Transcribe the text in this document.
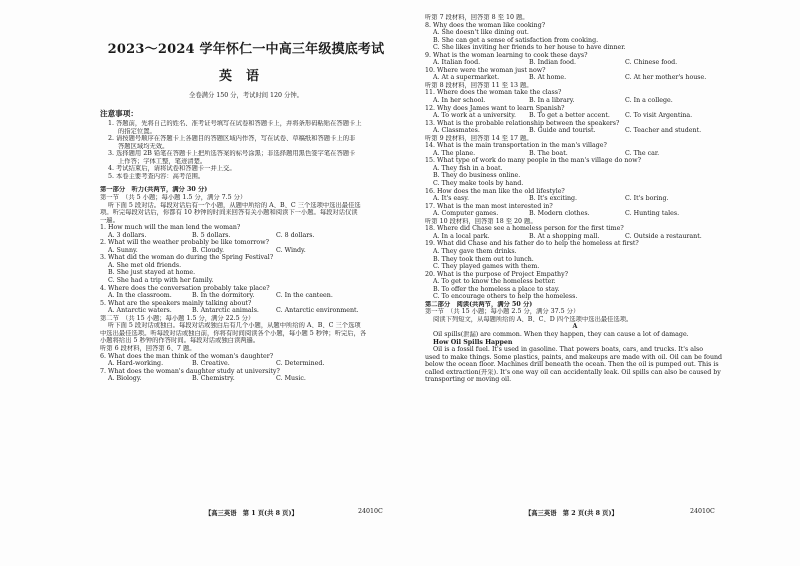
2023～2024 学年怀仁一中高三年级摸底考试
英语
全卷满分 150 分，考试时间 120 分钟。
注意事项：
1. 答题前，先将自己的姓名、准考证号填写在试卷和答题卡上，并将条形码粘贴在答题卡上
的指定位置。
2. 请按题号顺序在答题卡上各题目的答题区域内作答，写在试卷、草稿纸和答题卡上的非
答题区域均无效。
3. 选择题用 2B 铅笔在答题卡上把所选答案的标号涂黑；非选择题用黑色签字笔在答题卡
上作答；字体工整，笔迹清楚。
4. 考试结束后，请将试卷和答题卡一并上交。
5. 本卷主要考查内容：高考范围。
第一部分　听力(共两节，满分 30 分)
第一节　（共 5 小题；每小题 1.5 分，满分 7.5 分）
听下面 5 段对话。每段对话后有一个小题，从题中所给的 A、B、C 三个选项中选出最佳选
项。听完每段对话后，你都有 10 秒钟的时间来回答有关小题和阅读下一小题。每段对话仅读
一遍。
1. How much will the man lend the woman?
A. 3 dollars.	B. 5 dollars.	C. 8 dollars.
2. What will the weather probably be like tomorrow?
A. Sunny.	B. Cloudy.	C. Windy.
3. What did the woman do during the Spring Festival?
A. She met old friends.
B. She just stayed at home.
C. She had a trip with her family.
4. Where does the conversation probably take place?
A. In the classroom.	B. In the dormitory.	C. In the canteen.
5. What are the speakers mainly talking about?
A. Antarctic waters.	B. Antarctic animals.	C. Antarctic environment.
第二节　（共 15 小题；每小题 1.5 分，满分 22.5 分）
听下面 5 段对话或独白。每段对话或独白后有几个小题，从题中所给的 A、B、C 三个选项
中选出最佳选项。听每段对话或独白前，你将有时间阅读各个小题，每小题 5 秒钟；听完后，各
小题将给出 5 秒钟的作答时间。每段对话或独白读两遍。
听第 6 段材料，回答第 6、7 题。
6. What does the man think of the woman's daughter?
A. Hard-working.	B. Creative.	C. Determined.
7. What does the woman's daughter study at university?
A. Biology.	B. Chemistry.	C. Music.
听第 7 段材料，回答第 8 至 10 题。
8. Why does the woman like cooking?
A. She doesn't like dining out.
B. She can get a sense of satisfaction from cooking.
C. She likes inviting her friends to her house to have dinner.
9. What is the woman learning to cook these days?
A. Italian food.	B. Indian food.	C. Chinese food.
10. Where were the woman just now?
A. At a supermarket.	B. At home.	C. At her mother's house.
听第 8 段材料，回答第 11 至 13 题。
11. Where does the woman take the class?
A. In her school.	B. In a library.	C. In a college.
12. Why does James want to learn Spanish?
A. To work at a university.	B. To get a better accent.	C. To visit Argentina.
13. What is the probable relationship between the speakers?
A. Classmates.	B. Guide and tourist.	C. Teacher and student.
听第 9 段材料，回答第 14 至 17 题。
14. What is the main transportation in the man's village?
A. The plane.	B. The boat.	C. The car.
15. What type of work do many people in the man's village do now?
A. They fish in a boat.
B. They do business online.
C. They make tools by hand.
16. How does the man like the old lifestyle?
A. It's easy.	B. It's exciting.	C. It's boring.
17. What is the man most interested in?
A. Computer games.	B. Modern clothes.	C. Hunting tales.
听第 10 段材料，回答第 18 至 20 题。
18. Where did Chase see a homeless person for the first time?
A. In a local park.	B. At a shopping mall.	C. Outside a restaurant.
19. What did Chase and his father do to help the homeless at first?
A. They gave them drinks.
B. They took them out to lunch.
C. They played games with them.
20. What is the purpose of Project Empathy?
A. To get to know the homeless better.
B. To offer the homeless a place to stay.
C. To encourage others to help the homeless.
第二部分　阅读(共两节，满分 50 分)
第一节　（共 15 小题；每小题 2.5 分，满分 37.5 分）
阅读下列短文，从每题所给的 A、B、C、D 四个选项中选出最佳选项。
A
Oil spills(泄漏) are common. When they happen, they can cause a lot of damage.
How Oil Spills Happen
Oil is a fossil fuel. It's used in gasoline. That powers boats, cars, and trucks. It's also
used to make things. Some plastics, paints, and makeups are made with oil. Oil can be found
below the ocean floor. Machines drill beneath the ocean. Then the oil is pumped out. This is
called extraction(开采). It's one way oil can accidentally leak. Oil spills can also be caused by
transporting or moving oil.
【高三英语　第 1 页(共 8 页)】	24010C	【高三英语　第 2 页(共 8 页)】	24010C
